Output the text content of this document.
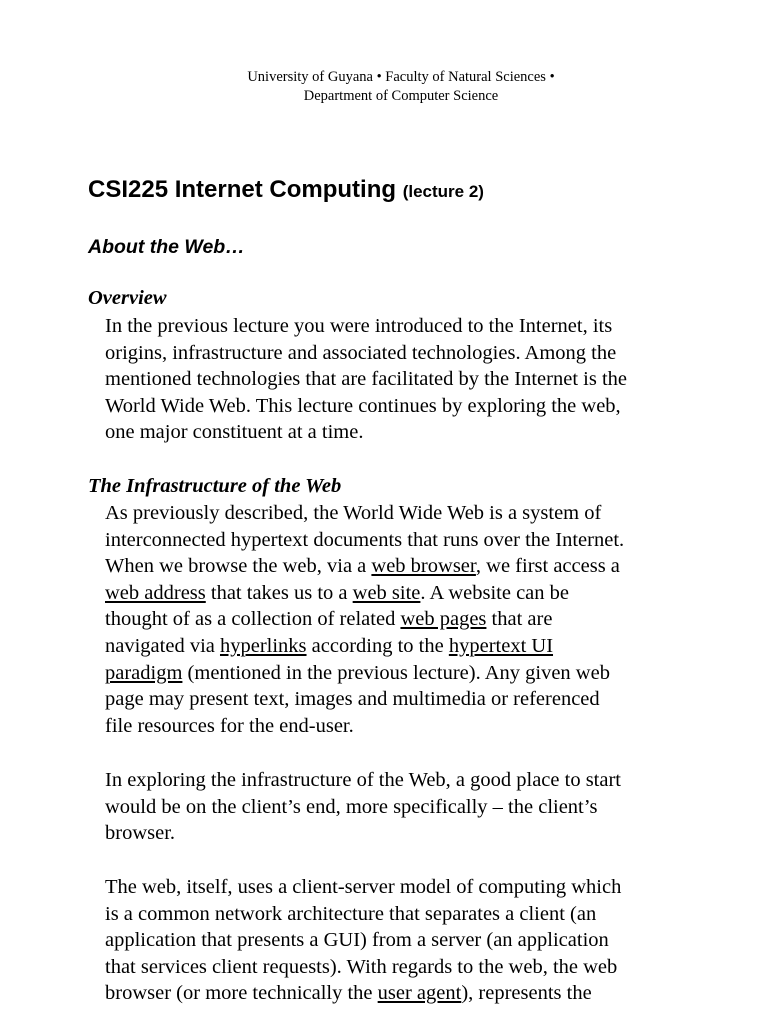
University of Guyana • Faculty of Natural Sciences •
Department of Computer Science
CSI225 Internet Computing (lecture 2)
About the Web…
Overview
In the previous lecture you were introduced to the Internet, its
origins, infrastructure and associated technologies. Among the
mentioned technologies that are facilitated by the Internet is the
World Wide Web. This lecture continues by exploring the web,
one major constituent at a time.
The Infrastructure of the Web
As previously described, the World Wide Web is a system of
interconnected hypertext documents that runs over the Internet.
When we browse the web, via a web browser, we first access a
web address that takes us to a web site. A website can be
thought of as a collection of related web pages that are
navigated via hyperlinks according to the hypertext UI
paradigm (mentioned in the previous lecture). Any given web
page may present text, images and multimedia or referenced
file resources for the end-user.
In exploring the infrastructure of the Web, a good place to start
would be on the client’s end, more specifically – the client’s
browser.
The web, itself, uses a client-server model of computing which
is a common network architecture that separates a client (an
application that presents a GUI) from a server (an application
that services client requests). With regards to the web, the web
browser (or more technically the user agent), represents the
